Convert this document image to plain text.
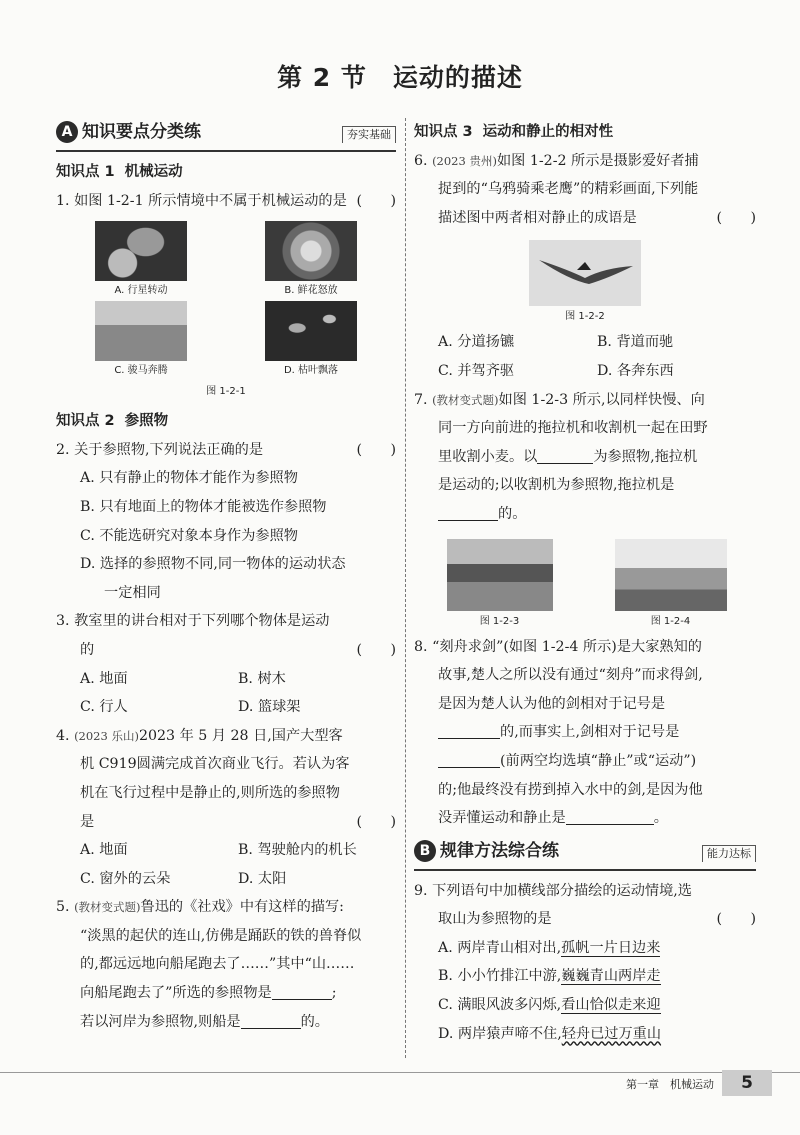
第 2 节　运动的描述
A 知识要点分类练	夯实基础
知识点 1 机械运动
1. 如图 1-2-1 所示情境中不属于机械运动的是 (　　)
A. 行星转动	B. 鲜花怒放
C. 骏马奔腾	D. 枯叶飘落
图 1-2-1
知识点 2 参照物
2. 关于参照物,下列说法正确的是	(　　)
A. 只有静止的物体才能作为参照物
B. 只有地面上的物体才能被选作参照物
C. 不能选研究对象本身作为参照物
D. 选择的参照物不同,同一物体的运动状态
一定相同
3. 教室里的讲台相对于下列哪个物体是运动
的	(　　)
A. 地面	B. 树木
C. 行人	D. 篮球架
4. (2023 乐山)2023 年 5 月 28 日,国产大型客
机 C919圆满完成首次商业飞行。若认为客
机在飞行过程中是静止的,则所选的参照物
是	(　　)
A. 地面	B. 驾驶舱内的机长
C. 窗外的云朵	D. 太阳
5. (教材变式题)鲁迅的《社戏》中有这样的描写:
“淡黑的起伏的连山,仿佛是踊跃的铁的兽脊似
的,都远远地向船尾跑去了……”其中“山……
向船尾跑去了”所选的参照物是	;
若以河岸为参照物,则船是	的。
知识点 3 运动和静止的相对性
6. (2023 贵州)如图 1-2-2 所示是摄影爱好者捕
捉到的“乌鸦骑乘老鹰”的精彩画面,下列能
描述图中两者相对静止的成语是	(　　)
图 1-2-2
A. 分道扬镳	B. 背道而驰
C. 并驾齐驱	D. 各奔东西
7. (教材变式题)如图 1-2-3 所示,以同样快慢、向
同一方向前进的拖拉机和收割机一起在田野
里收割小麦。以	为参照物,拖拉机
是运动的;以收割机为参照物,拖拉机是
的。
图 1-2-3	图 1-2-4
8. “刻舟求剑”(如图 1-2-4 所示)是大家熟知的
故事,楚人之所以没有通过“刻舟”而求得剑,
是因为楚人认为他的剑相对于记号是
的,而事实上,剑相对于记号是
(前两空均选填“静止”或“运动”)
的;他最终没有捞到掉入水中的剑,是因为他
没弄懂运动和静止是	。
B 规律方法综合练	能力达标
9. 下列语句中加横线部分描绘的运动情境,选
取山为参照物的是	(　　)
A. 两岸青山相对出,孤帆一片日边来
B. 小小竹排江中游,巍巍青山两岸走
C. 满眼风波多闪烁,看山恰似走来迎
D. 两岸猿声啼不住,轻舟已过万重山
第一章　机械运动	5
